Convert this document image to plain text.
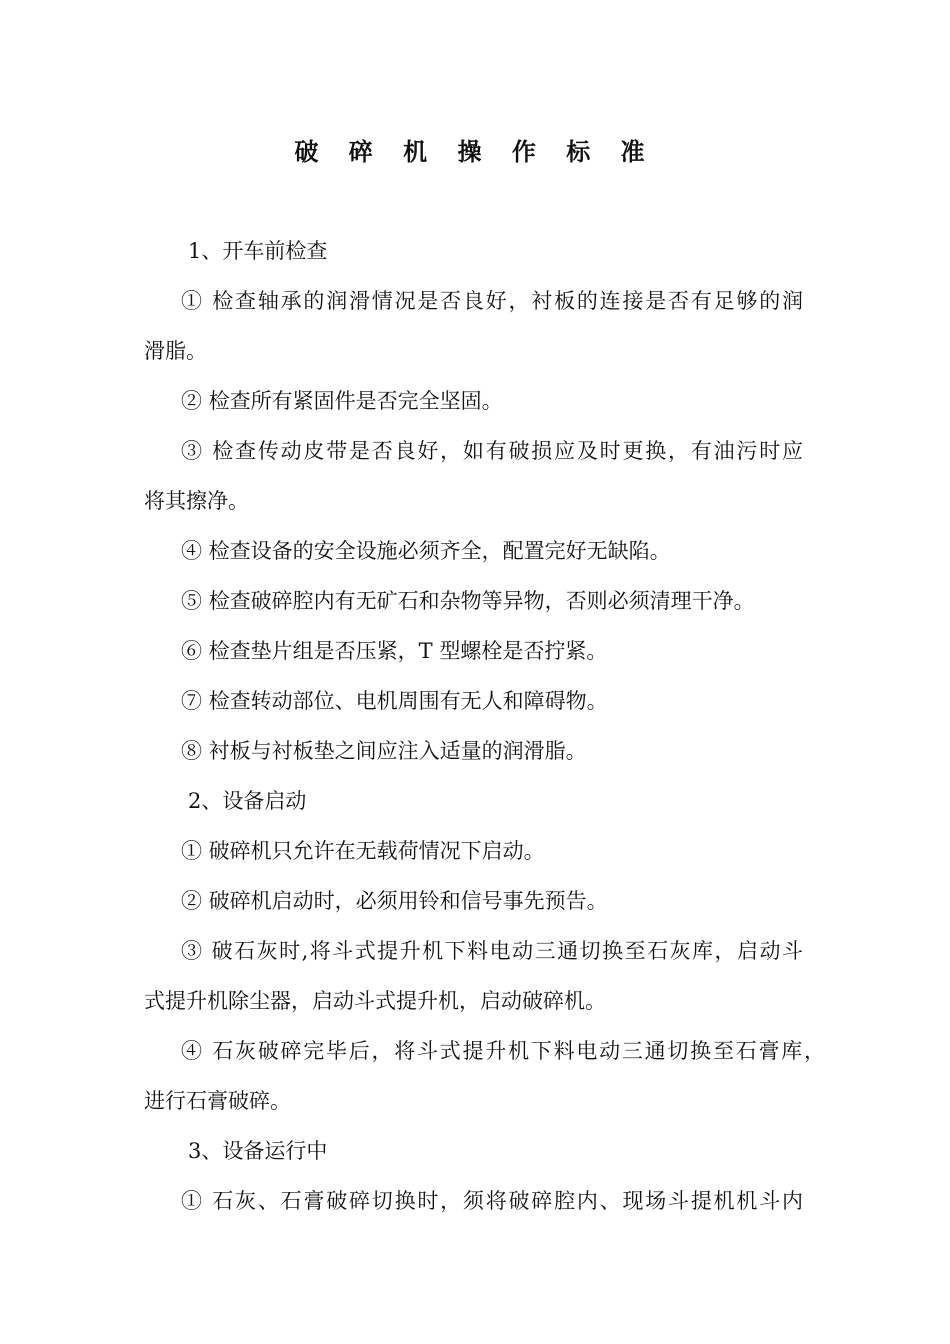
破 碎 机 操 作 标 准
1、开车前检查
① 检查轴承的润滑情况是否良好，衬板的连接是否有足够的润
滑脂。
② 检查所有紧固件是否完全坚固。
③ 检查传动皮带是否良好，如有破损应及时更换，有油污时应
将其擦净。
④ 检查设备的安全设施必须齐全，配置完好无缺陷。
⑤ 检查破碎腔内有无矿石和杂物等异物，否则必须清理干净。
⑥ 检查垫片组是否压紧，T 型螺栓是否拧紧。
⑦ 检查转动部位、电机周围有无人和障碍物。
⑧ 衬板与衬板垫之间应注入适量的润滑脂。
2、设备启动
① 破碎机只允许在无载荷情况下启动。
② 破碎机启动时，必须用铃和信号事先预告。
③ 破石灰时,将斗式提升机下料电动三通切换至石灰库，启动斗
式提升机除尘器，启动斗式提升机，启动破碎机。
④ 石灰破碎完毕后，将斗式提升机下料电动三通切换至石膏库，
进行石膏破碎。
3、设备运行中
① 石灰、石膏破碎切换时，须将破碎腔内、现场斗提机机斗内
